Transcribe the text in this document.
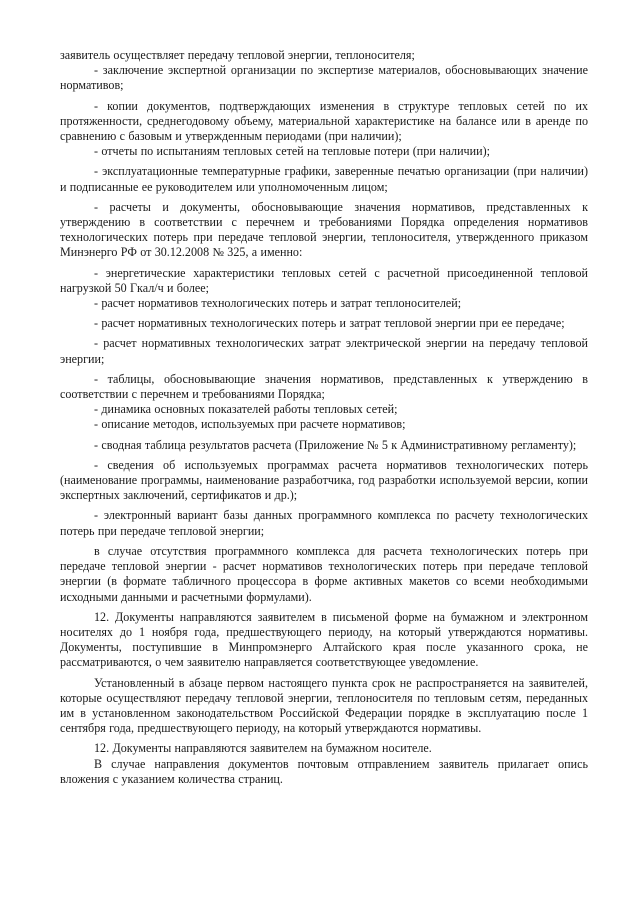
заявитель осуществляет передачу тепловой энергии, теплоносителя;

- заключение экспертной организации по экспертизе материалов, обосновывающих значение нормативов;

- копии документов, подтверждающих изменения в структуре тепловых сетей по их протяженности, среднегодовому объему, материальной характеристике на балансе или в аренде по сравнению с базовым и утвержденным периодами (при наличии);

- отчеты по испытаниям тепловых сетей на тепловые потери (при наличии);

- эксплуатационные температурные графики, заверенные печатью организации (при наличии) и подписанные ее руководителем или уполномоченным лицом;

- расчеты и документы, обосновывающие значения нормативов, представленных к утверждению в соответствии с перечнем и требованиями Порядка определения нормативов технологических потерь при передаче тепловой энергии, теплоносителя, утвержденного приказом Минэнерго РФ от 30.12.2008 № 325, а именно:

- энергетические характеристики тепловых сетей с расчетной присоединенной тепловой нагрузкой 50 Гкал/ч и более;

- расчет нормативов технологических потерь и затрат теплоносителей;

- расчет нормативных технологических потерь и затрат тепловой энергии при ее передаче;

- расчет нормативных технологических затрат электрической энергии на передачу тепловой энергии;

- таблицы, обосновывающие значения нормативов, представленных к утверждению в соответствии с перечнем и требованиями Порядка;

- динамика основных показателей работы тепловых сетей;

- описание методов, используемых при расчете нормативов;

- сводная таблица результатов расчета (Приложение № 5 к Административному регламенту);

- сведения об используемых программах расчета нормативов технологических потерь (наименование программы, наименование разработчика, год разработки используемой версии, копии экспертных заключений, сертификатов и др.);

- электронный вариант базы данных программного комплекса по расчету технологических потерь при передаче тепловой энергии;

в случае отсутствия программного комплекса для расчета технологических потерь при передаче тепловой энергии - расчет нормативов технологических потерь при передаче тепловой энергии (в формате табличного процессора в форме активных макетов со всеми необходимыми исходными данными и расчетными формулами).

12. Документы направляются заявителем в письменой форме на бумажном и электронном носителях до 1 ноября года, предшествующего периоду, на который утверждаются нормативы. Документы, поступившие в Минпромэнерго Алтайского края после указанного срока, не рассматриваются, о чем заявителю направляется соответствующее уведомление.

Установленный в абзаце первом настоящего пункта срок не распространяется на заявителей, которые осуществляют передачу тепловой энергии, теплоносителя по тепловым сетям, переданных им в установленном законодательством Российской Федерации порядке в эксплуатацию после 1 сентября года, предшествующего периоду, на который утверждаются нормативы.

12. Документы направляются заявителем на бумажном носителе.

В случае направления документов почтовым отправлением заявитель прилагает опись вложения с указанием количества страниц.
